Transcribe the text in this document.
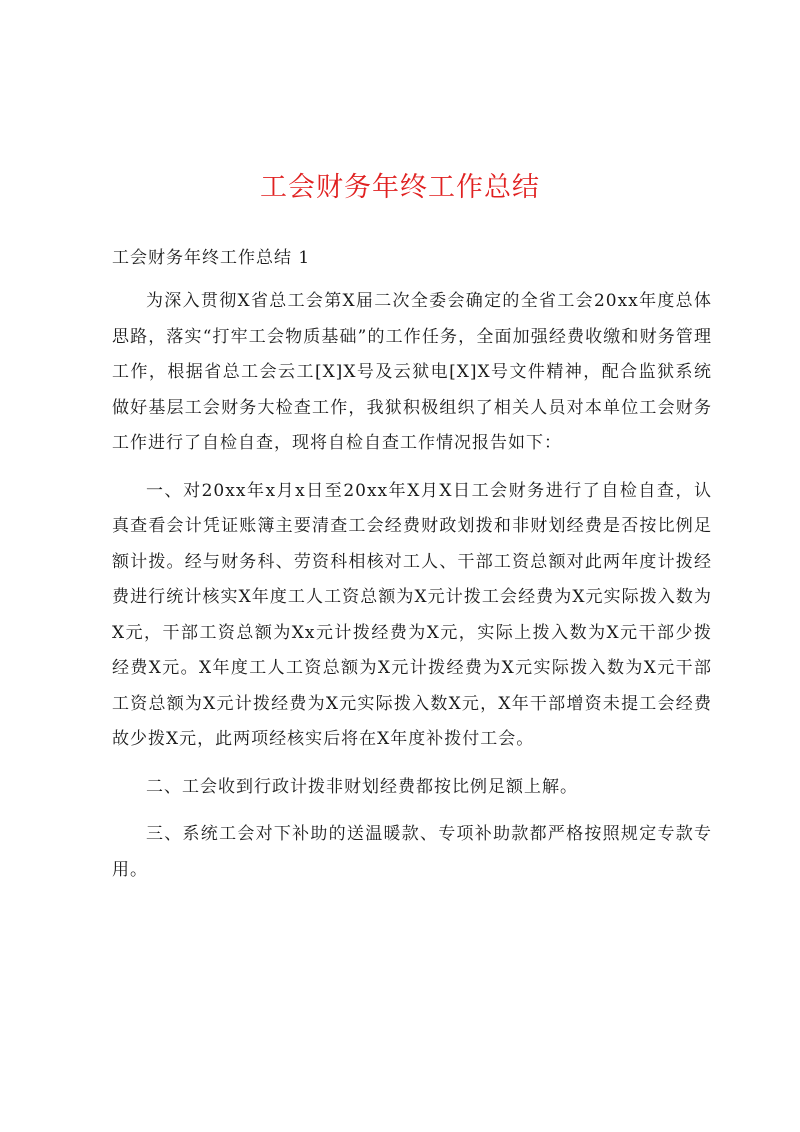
工会财务年终工作总结

工会财务年终工作总结 1

为深入贯彻X省总工会第X届二次全委会确定的全省工会20xx年度总体思路，落实“打牢工会物质基础”的工作任务，全面加强经费收缴和财务管理工作，根据省总工会云工[X]X号及云狱电[X]X号文件精神，配合监狱系统做好基层工会财务大检查工作，我狱积极组织了相关人员对本单位工会财务工作进行了自检自查，现将自检自查工作情况报告如下：

一、对20xx年x月x日至20xx年X月X日工会财务进行了自检自查，认真查看会计凭证账簿主要清查工会经费财政划拨和非财划经费是否按比例足额计拨。经与财务科、劳资科相核对工人、干部工资总额对此两年度计拨经费进行统计核实X年度工人工资总额为X元计拨工会经费为X元实际拨入数为X元，干部工资总额为Xx元计拨经费为X元，实际上拨入数为X元干部少拨经费X元。X年度工人工资总额为X元计拨经费为X元实际拨入数为X元干部工资总额为X元计拨经费为X元实际拨入数X元，X年干部增资未提工会经费故少拨X元，此两项经核实后将在X年度补拨付工会。

二、工会收到行政计拨非财划经费都按比例足额上解。

三、系统工会对下补助的送温暖款、专项补助款都严格按照规定专款专用。
